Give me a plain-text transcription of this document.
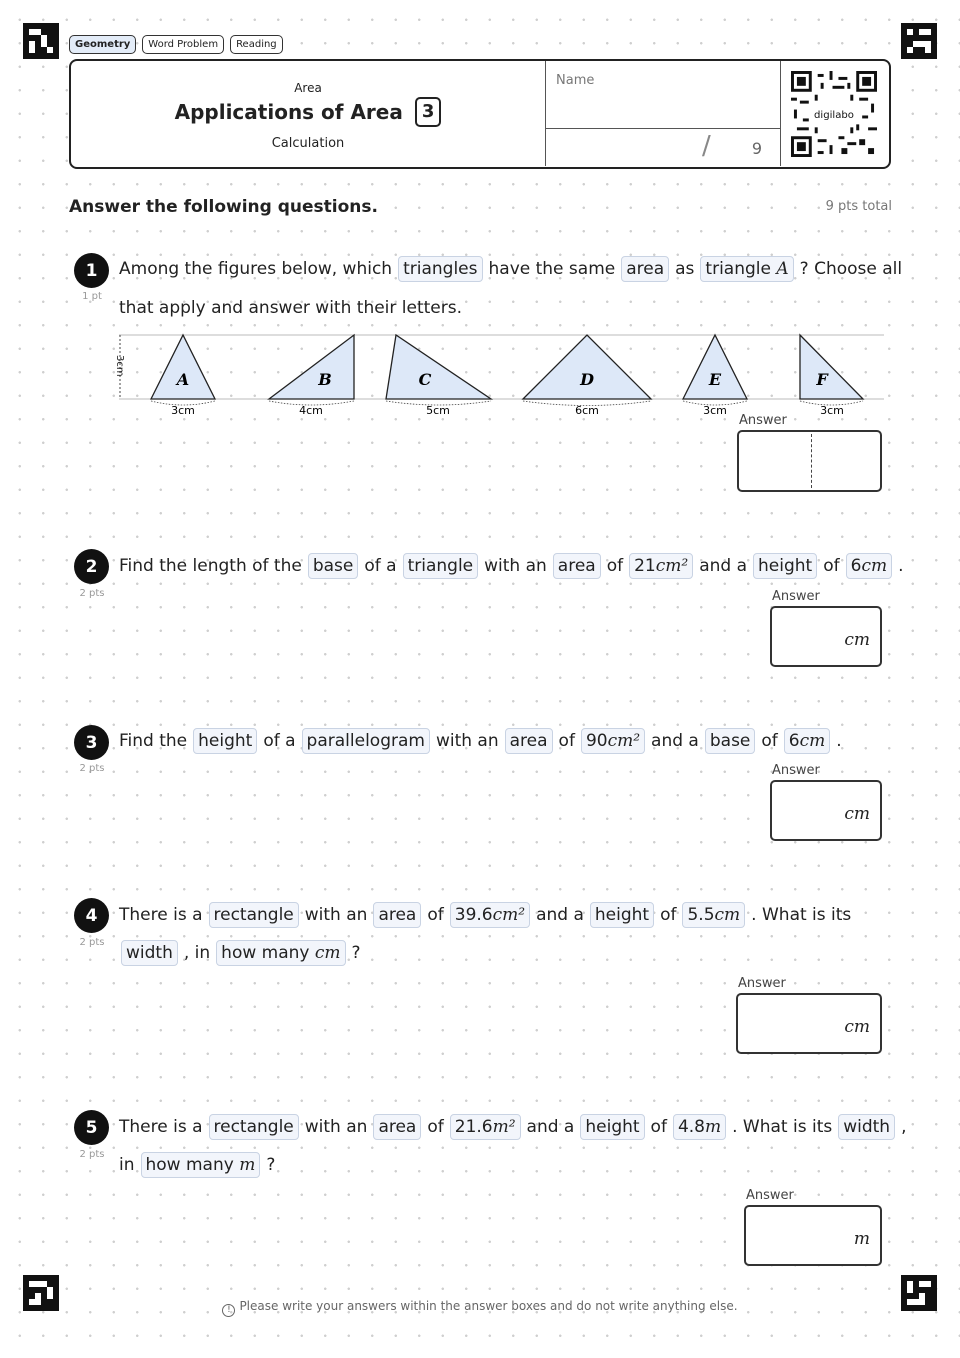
Geometry	Word Problem	Reading
Area
Applications of Area	3
Calculation
Name
/	9
digilabo
Answer the following questions.	9 pts total
1
1 pt
Among the figures below, which triangles have the same area as triangle A ? Choose all
that apply and answer with their letters.
3cm
A
3cm
B
4cm
C
5cm
D
6cm
E
3cm
F
3cm
Answer
2
2 pts
Find the length of the base of a triangle with an area of 21cm² and a height of 6cm .
Answer
cm
3
2 pts
Find the height of a parallelogram with an area of 90cm² and a base of 6cm .
Answer
cm
4
2 pts
There is a rectangle with an area of 39.6cm² and a height of 5.5cm . What is its
width , in how many cm ?
Answer
cm
5
2 pts
There is a rectangle with an area of 21.6m² and a height of 4.8m . What is its width ,
in how many m ?
Answer
m
! Please write your answers within the answer boxes and do not write anything else.
